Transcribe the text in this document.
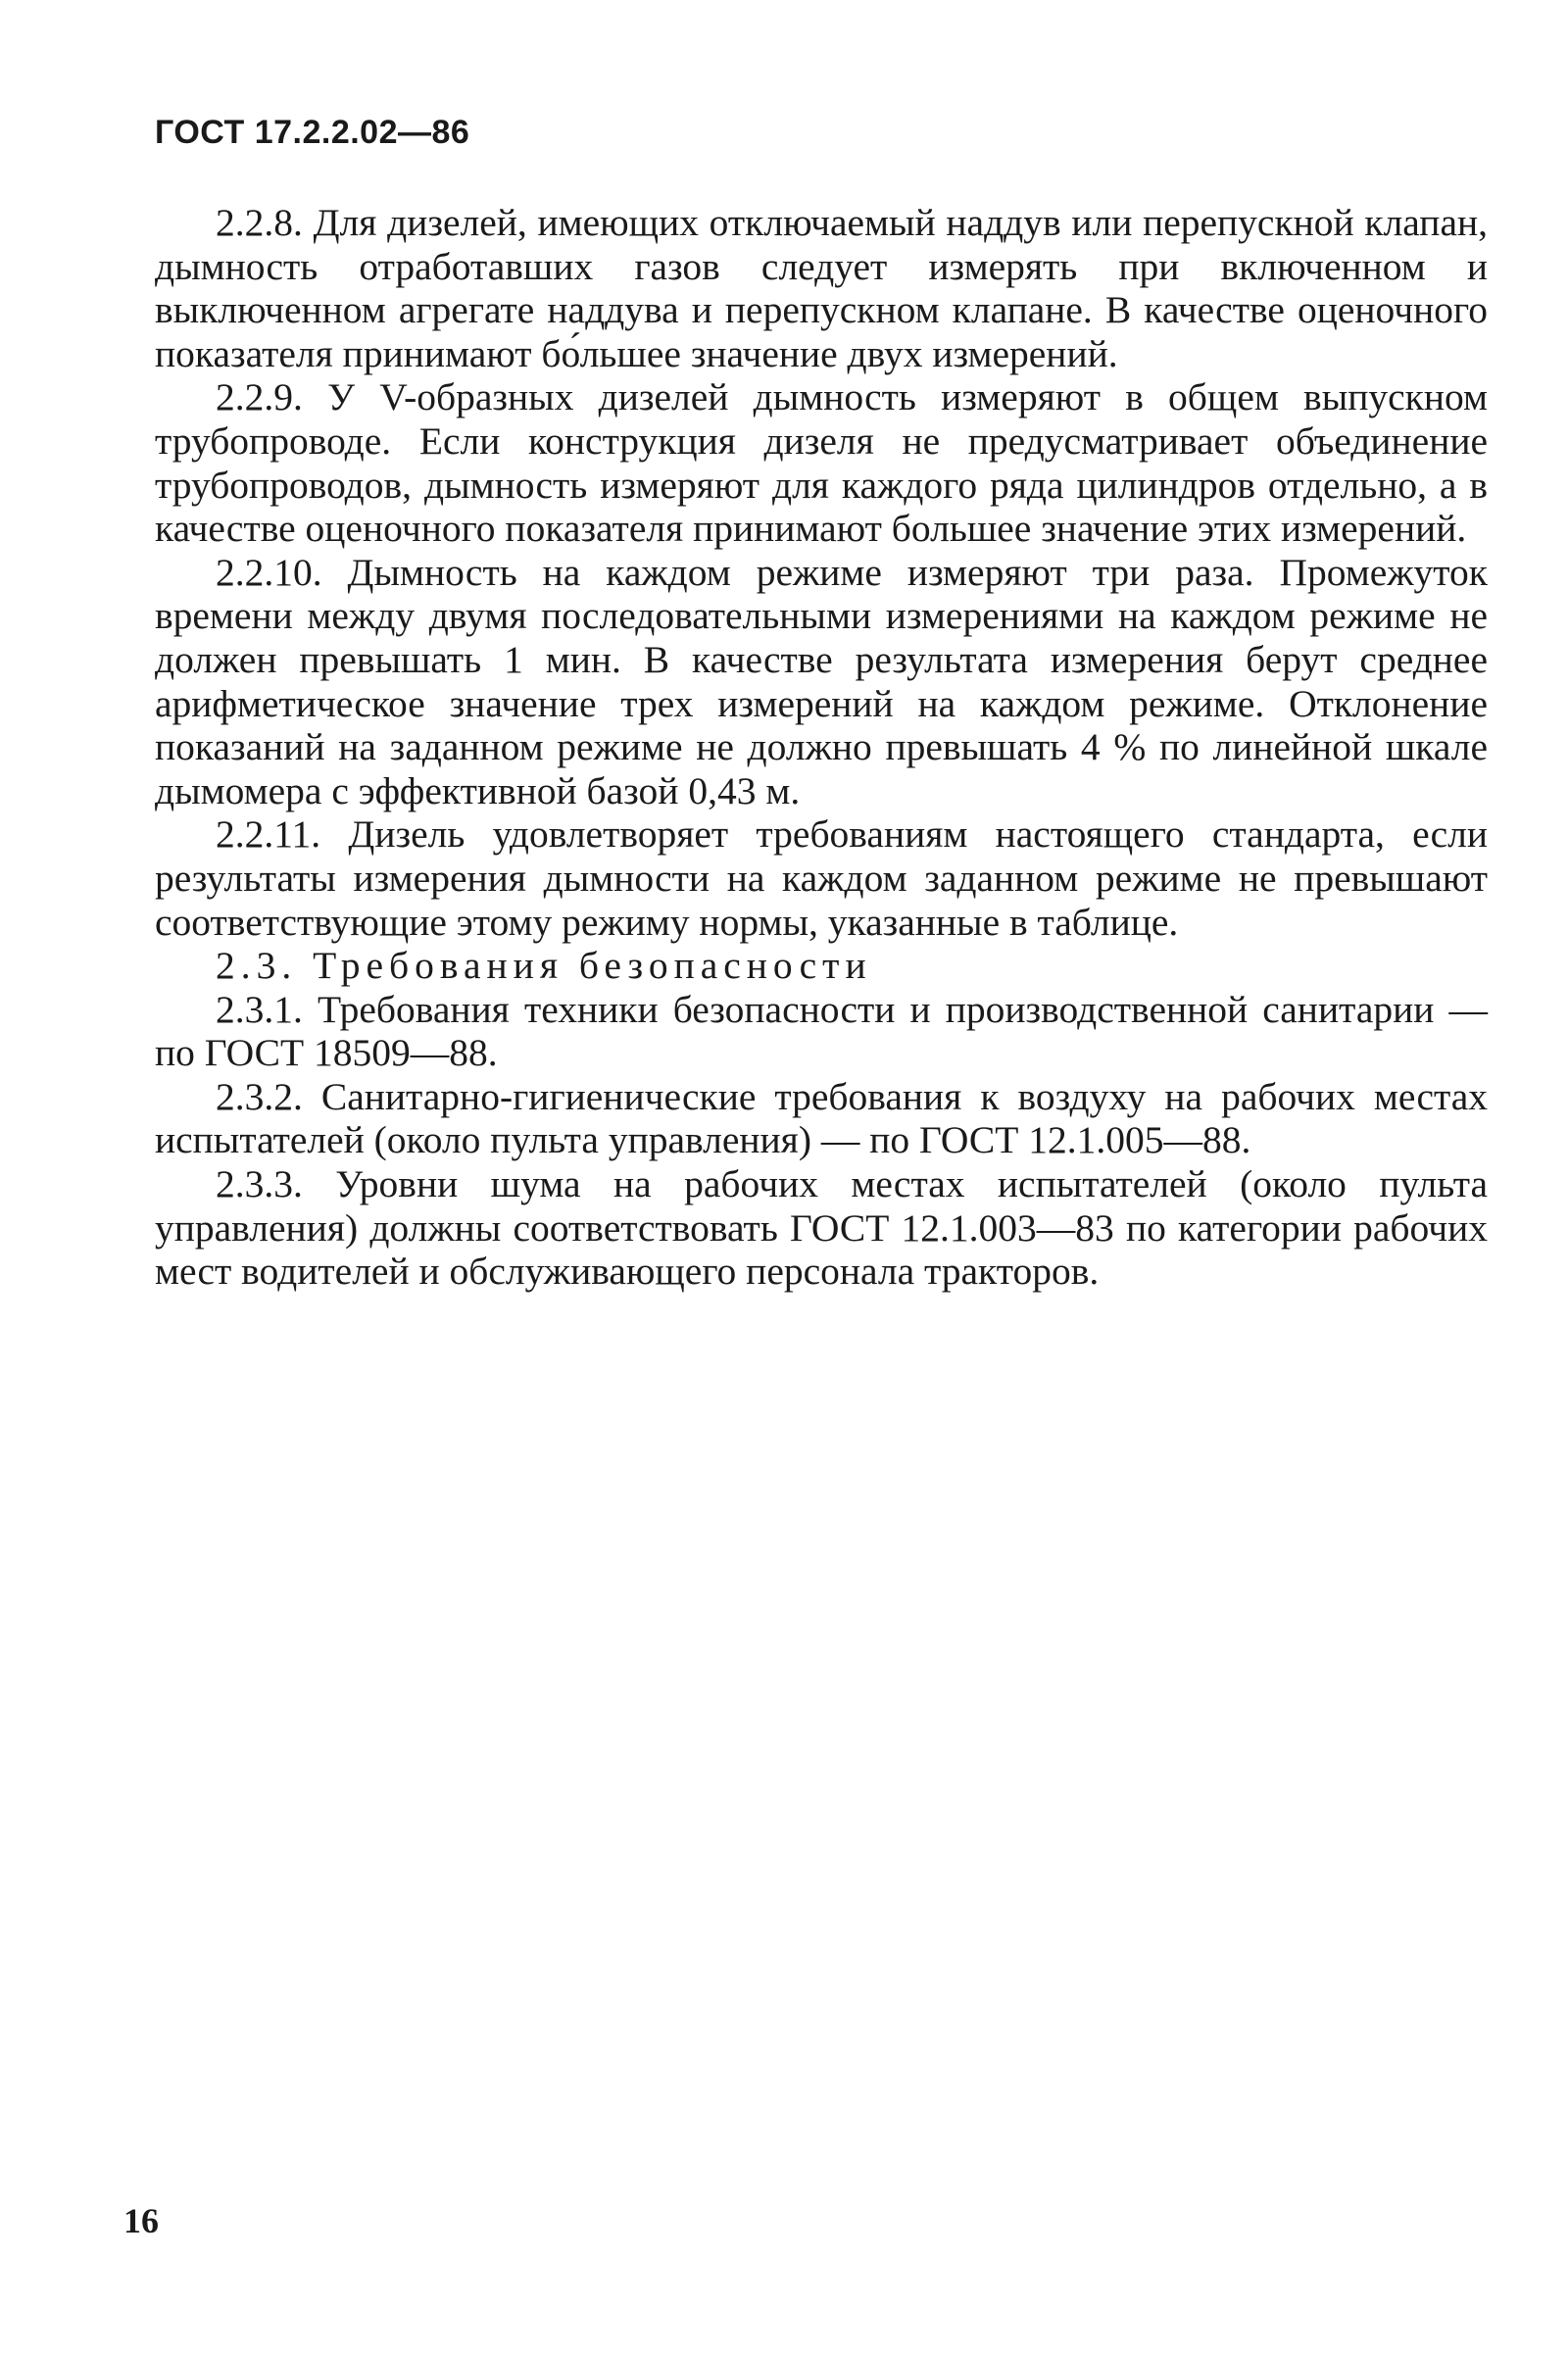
ГОСТ 17.2.2.02—86

2.2.8. Для дизелей, имеющих отключаемый наддув или перепускной клапан, дымность отработавших газов следует измерять при включенном и выключенном агрегате наддува и перепускном клапане. В качестве оценочного показателя принимают бо́льшее значение двух измерений.

2.2.9. У V-образных дизелей дымность измеряют в общем выпускном трубопроводе. Если конструкция дизеля не предусматривает объединение трубопроводов, дымность измеряют для каждого ряда цилиндров отдельно, а в качестве оценочного показателя принимают большее значение этих измерений.

2.2.10. Дымность на каждом режиме измеряют три раза. Промежуток времени между двумя последовательными измерениями на каждом режиме не должен превышать 1 мин. В качестве результата измерения берут среднее арифметическое значение трех измерений на каждом режиме. Отклонение показаний на заданном режиме не должно превышать 4 % по линейной шкале дымомера с эффективной базой 0,43 м.

2.2.11. Дизель удовлетворяет требованиям настоящего стандарта, если результаты измерения дымности на каждом заданном режиме не превышают соответствующие этому режиму нормы, указанные в таблице.

2.3. Требования безопасности

2.3.1. Требования техники безопасности и производственной санитарии — по ГОСТ 18509—88.

2.3.2. Санитарно-гигиенические требования к воздуху на рабочих местах испытателей (около пульта управления) — по ГОСТ 12.1.005—88.

2.3.3. Уровни шума на рабочих местах испытателей (около пульта управления) должны соответствовать ГОСТ 12.1.003—83 по категории рабочих мест водителей и обслуживающего персонала тракторов.

16
